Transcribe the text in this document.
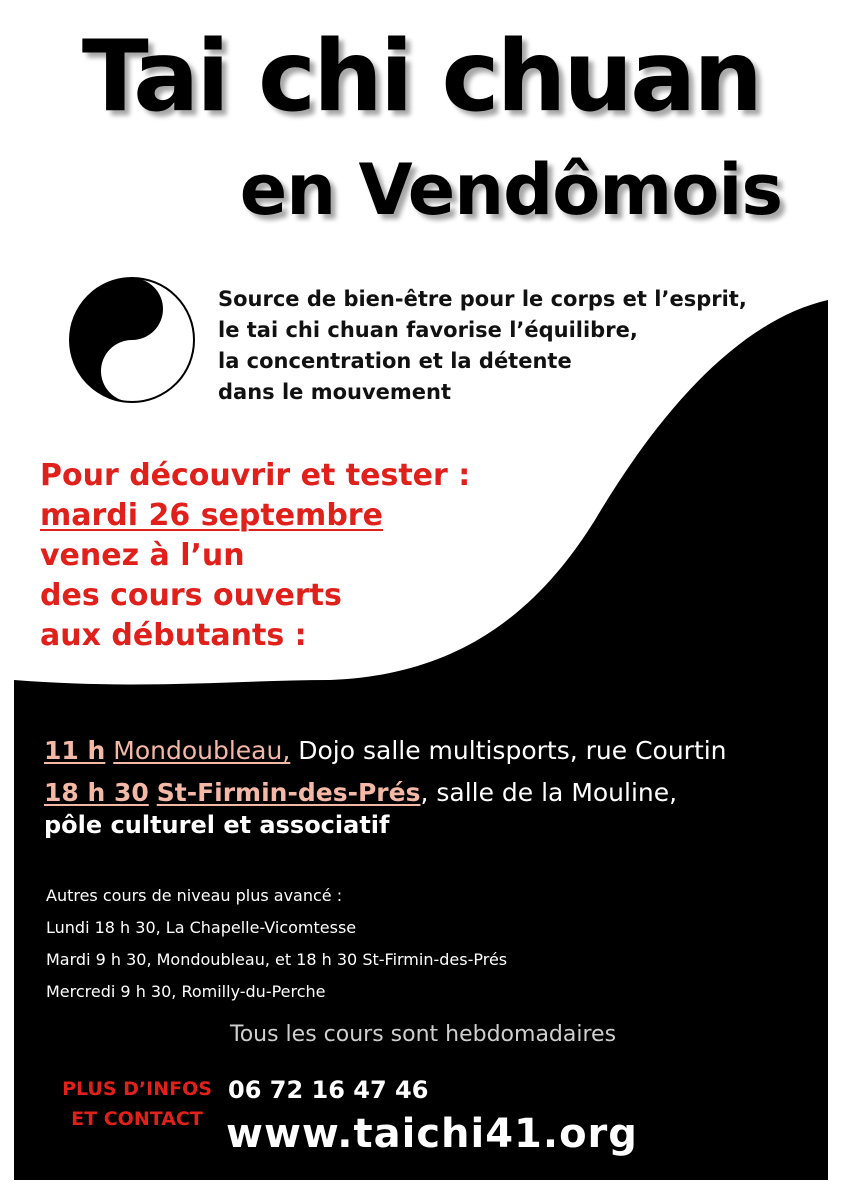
Tai chi chuan
en Vendômois
Source de bien-être pour le corps et l’esprit,
le tai chi chuan favorise l’équilibre,
la concentration et la détente
dans le mouvement
Pour découvrir et tester :
mardi 26 septembre
venez à l’un
des cours ouverts
aux débutants :
11 h Mondoubleau, Dojo salle multisports, rue Courtin
18 h 30 St-Firmin-des-Prés, salle de la Mouline,
pôle culturel et associatif
Autres cours de niveau plus avancé :
Lundi 18 h 30, La Chapelle-Vicomtesse
Mardi 9 h 30, Mondoubleau, et 18 h 30 St-Firmin-des-Prés
Mercredi 9 h 30, Romilly-du-Perche
Tous les cours sont hebdomadaires
PLUS D’INFOS
ET CONTACT
06 72 16 47 46
www.taichi41.org
